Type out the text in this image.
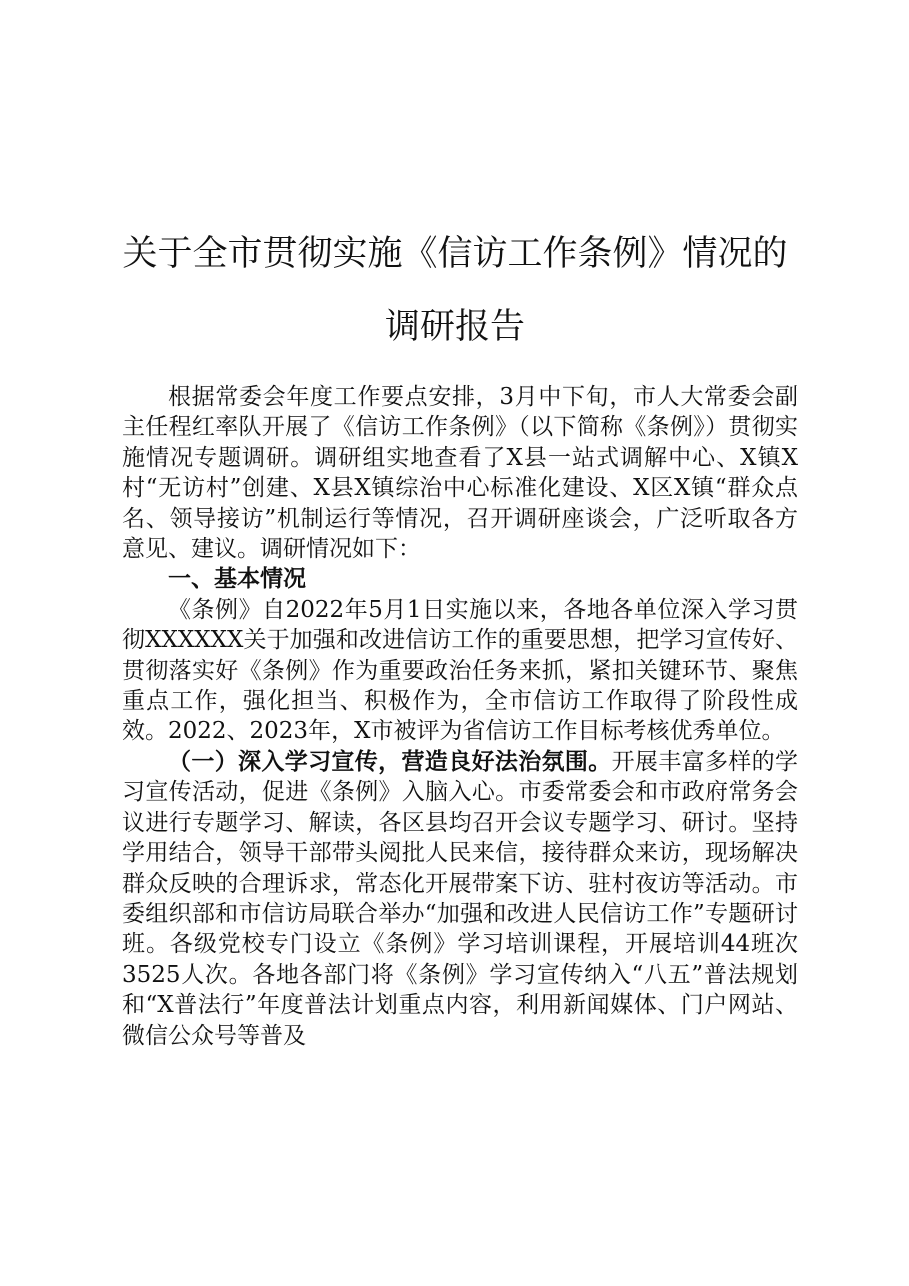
关于全市贯彻实施《信访工作条例》情况的调研报告

根据常委会年度工作要点安排，3月中下旬，市人大常委会副主任程红率队开展了《信访工作条例》（以下简称《条例》）贯彻实施情况专题调研。调研组实地查看了X县一站式调解中心、X镇X村“无访村”创建、X县X镇综治中心标准化建设、X区X镇“群众点名、领导接访”机制运行等情况，召开调研座谈会，广泛听取各方意见、建议。调研情况如下：

一、基本情况

《条例》自2022年5月1日实施以来，各地各单位深入学习贯彻XXXXXX关于加强和改进信访工作的重要思想，把学习宣传好、贯彻落实好《条例》作为重要政治任务来抓，紧扣关键环节、聚焦重点工作，强化担当、积极作为，全市信访工作取得了阶段性成效。2022、2023年，X市被评为省信访工作目标考核优秀单位。

（一）深入学习宣传，营造良好法治氛围。开展丰富多样的学习宣传活动，促进《条例》入脑入心。市委常委会和市政府常务会议进行专题学习、解读，各区县均召开会议专题学习、研讨。坚持学用结合，领导干部带头阅批人民来信，接待群众来访，现场解决群众反映的合理诉求，常态化开展带案下访、驻村夜访等活动。市委组织部和市信访局联合举办“加强和改进人民信访工作”专题研讨班。各级党校专门设立《条例》学习培训课程，开展培训44班次3525人次。各地各部门将《条例》学习宣传纳入“八五”普法规划和“X普法行”年度普法计划重点内容，利用新闻媒体、门户网站、微信公众号等普及
